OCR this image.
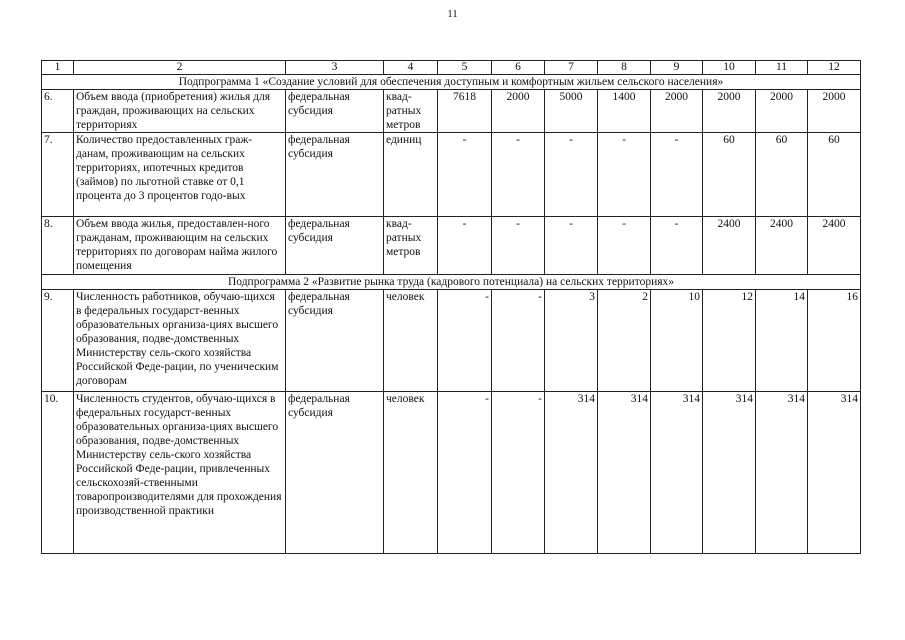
11
1	2	3	4	5	6	7	8	9	10	11	12
Подпрограмма 1 «Создание условий для обеспечения доступным и комфортным жильем сельского населения»											
6.	Объем ввода (приобретения) жилья для граждан, проживающих на сельских территориях	федеральная субсидия	квад-ратных метров	7618	2000	5000	1400	2000	2000	2000	2000
7.	Количество предоставленных граж-данам, проживающим на сельских территориях, ипотечных кредитов (займов) по льготной ставке от 0,1 процента до 3 процентов годо-вых	федеральная субсидия	единиц	-	-	-	-	-	60	60	60
8.	Объем ввода жилья, предоставлен-ного гражданам, проживающим на сельских территориях по договорам найма жилого помещения	федеральная субсидия	квад-ратных метров	-	-	-	-	-	2400	2400	2400
Подпрограмма 2 «Развитие рынка труда (кадрового потенциала) на сельских территориях»											
9.	Численность работников, обучаю-щихся в федеральных государст-венных образовательных организа-циях высшего образования, подве-домственных Министерству сель-ского хозяйства Российской Феде-рации, по ученическим договорам	федеральная субсидия	человек	-	-	3	2	10	12	14	16
10.	Численность студентов, обучаю-щихся в федеральных государст-венных образовательных организа-циях высшего образования, подве-домственных Министерству сель-ского хозяйства Российской Феде-рации, привлеченных сельскохозяй-ственными товаропроизводителями для прохождения производственной практики	федеральная субсидия	человек	-	-	314	314	314	314	314	314
